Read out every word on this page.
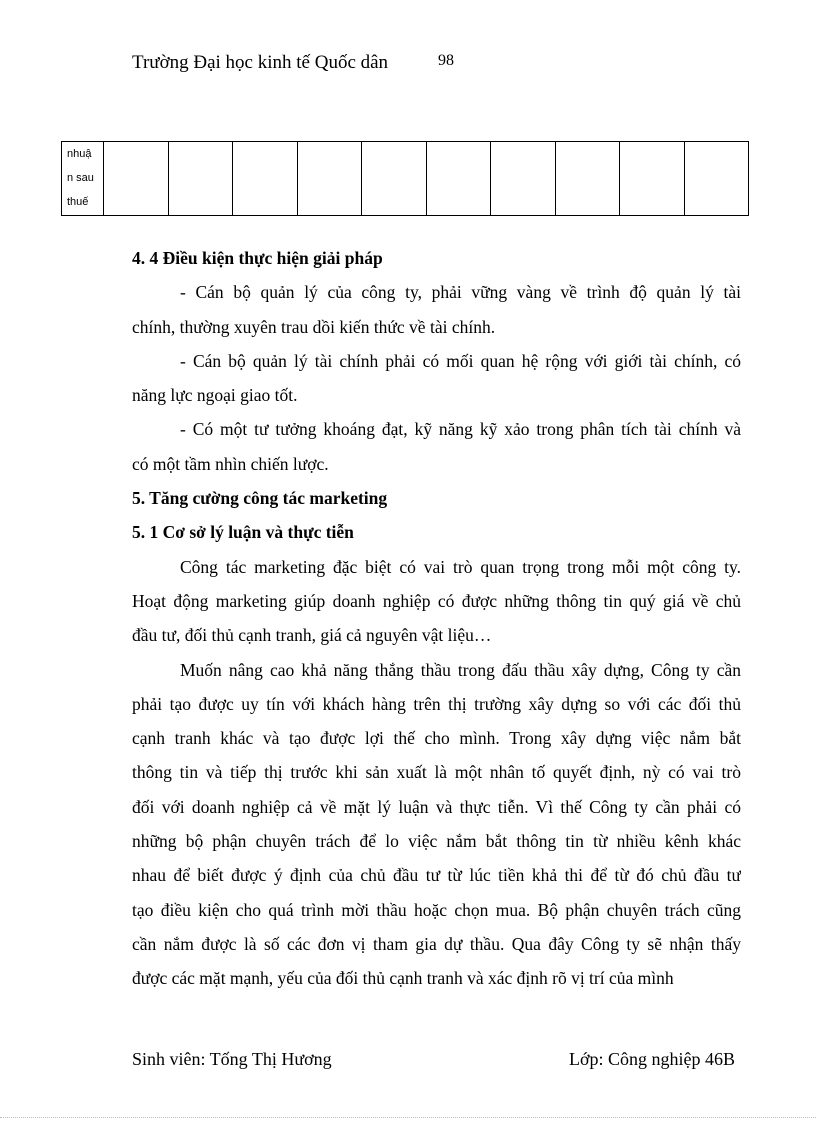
Trường Đại học kinh tế Quốc dân	98
nhuậ
n sau
thuế

4. 4 Điều kiện thực hiện giải pháp
- Cán bộ quản lý của công ty, phải vững vàng về trình độ quản lý tài
chính, thường xuyên trau dồi kiến thức về tài chính.
- Cán bộ quản lý tài chính phải có mối quan hệ rộng với giới tài chính, có
năng lực ngoại giao tốt.
- Có một tư tưởng khoáng đạt, kỹ năng kỹ xảo trong phân tích tài chính và
có một tầm nhìn chiến lược.
5. Tăng cường công tác marketing
5. 1 Cơ sở lý luận và thực tiễn
Công tác marketing đặc biệt có vai trò quan trọng trong mỗi một công ty.
Hoạt động marketing giúp doanh nghiệp có được những thông tin quý giá về chủ
đầu tư, đối thủ cạnh tranh, giá cả nguyên vật liệu…
Muốn nâng cao khả năng thắng thầu trong đấu thầu xây dựng, Công ty cần
phải tạo được uy tín với khách hàng trên thị trường xây dựng so với các đối thủ
cạnh tranh khác và tạo được lợi thế cho mình. Trong xây dựng việc nắm bắt
thông tin và tiếp thị trước khi sản xuất là một nhân tố quyết định, nỳ có vai trò
đối với doanh nghiệp cả về mặt lý luận và thực tiễn. Vì thế Công ty cần phải có
những bộ phận chuyên trách để lo việc nắm bắt thông tin từ nhiều kênh khác
nhau để biết được ý định của chủ đầu tư từ lúc tiền khả thi để từ đó chủ đầu tư
tạo điều kiện cho quá trình mời thầu hoặc chọn mua. Bộ phận chuyên trách cũng
cần nắm được là số các đơn vị tham gia dự thầu. Qua đây Công ty sẽ nhận thấy
được các mặt mạnh, yếu của đối thủ cạnh tranh và xác định rõ vị trí của mình
Sinh viên: Tống Thị Hương	Lớp: Công nghiệp 46B
